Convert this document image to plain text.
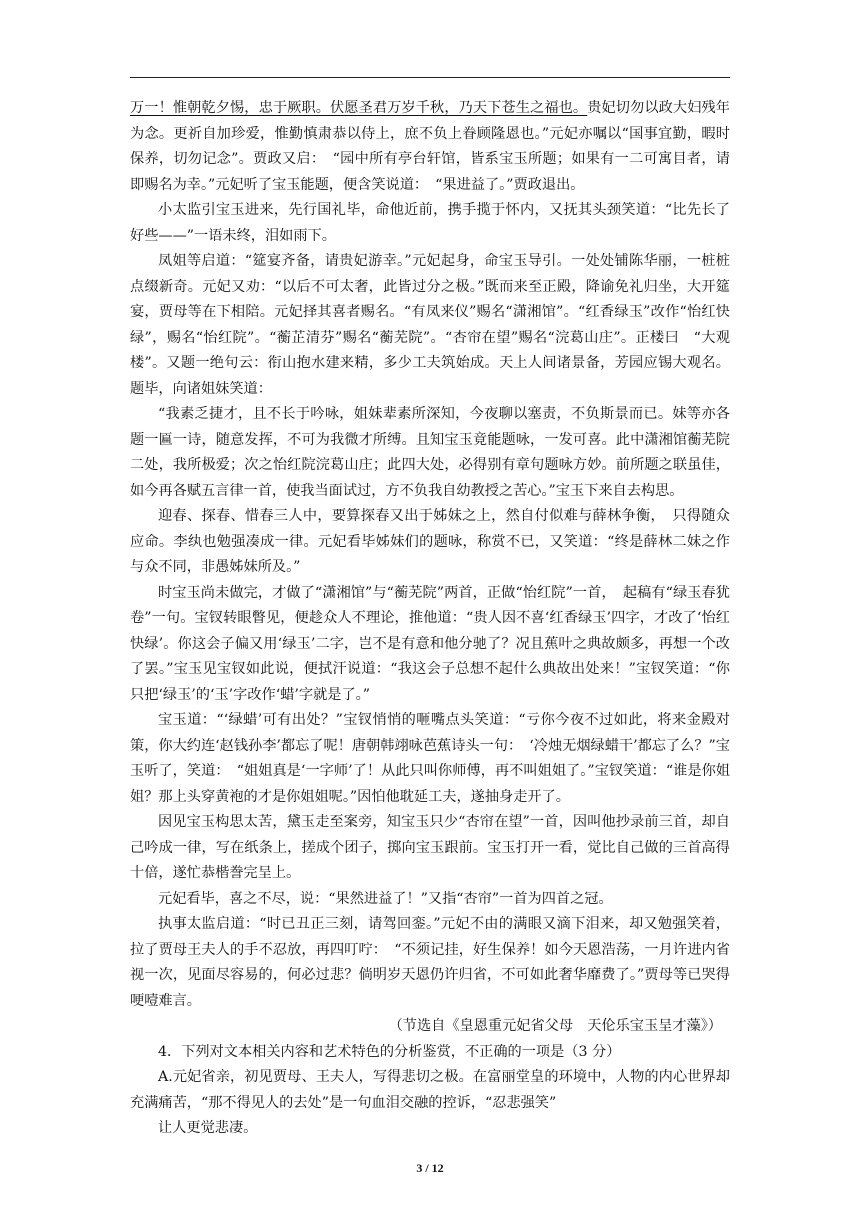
万一！惟朝乾夕惕，忠于厥职。伏愿圣君万岁千秋，乃天下苍生之福也。贵妃切勿以政大妇残年为念。更祈自加珍爱，惟勤慎肃恭以侍上，庶不负上眷顾隆恩也。”元妃亦嘱以“国事宜勤，暇时保养，切勿记念”。贾政又启：　“园中所有亭台轩馆，皆系宝玉所题；如果有一二可寓目者，请即赐名为幸。”元妃听了宝玉能题，便含笑说道：　“果进益了。”贾政退出。

小太监引宝玉进来，先行国礼毕，命他近前，携手揽于怀内，又抚其头颈笑道：“比先长了好些——”一语未终，泪如雨下。

凤姐等启道：“筵宴齐备，请贵妃游幸。”元妃起身，命宝玉导引。一处处铺陈华丽，一桩桩点缀新奇。元妃又劝：“以后不可太奢，此皆过分之极。”既而来至正殿，降谕免礼归坐，大开筵宴，贾母等在下相陪。元妃择其喜者赐名。“有凤来仪”赐名“潇湘馆”。“红香绿玉”改作“怡红快绿”，赐名“怡红院”。“蘅芷清芬”赐名“蘅芜院”。“杏帘在望”赐名“浣葛山庄”。正楼曰　“大观楼”。又题一绝句云：衔山抱水建来精，多少工夫筑始成。天上人间诸景备，芳园应锡大观名。题毕，向诸姐妹笑道：

“我素乏捷才，且不长于吟咏，姐妹辈素所深知，今夜聊以塞责，不负斯景而已。妹等亦各题一匾一诗，随意发挥，不可为我微才所缚。且知宝玉竟能题咏，一发可喜。此中潇湘馆蘅芜院二处，我所极爱；次之怡红院浣葛山庄；此四大处，必得别有章句题咏方妙。前所题之联虽佳，如今再各赋五言律一首，使我当面试过，方不负我自幼教授之苦心。”宝玉下来自去构思。

迎春、探春、惜春三人中，要算探春又出于姊妹之上，然自付似难与薛林争衡，　只得随众应命。李纨也勉强凑成一律。元妃看毕姊妹们的题咏，称赏不已，又笑道：“终是薛林二妹之作与众不同，非愚姊妹所及。”

时宝玉尚未做完，才做了“潇湘馆”与“蘅芜院”两首，正做“怡红院”一首，　起稿有“绿玉春犹卷”一句。宝钗转眼瞥见，便趁众人不理论，推他道：“贵人因不喜‘红香绿玉’四字，才改了‘怡红快绿’。你这会子偏又用‘绿玉’二字，岂不是有意和他分驰了？况且蕉叶之典故颇多，再想一个改了罢。”宝玉见宝钗如此说，便拭汗说道：“我这会子总想不起什么典故出处来！”宝钗笑道：“你只把‘绿玉’的‘玉’字改作‘蜡’字就是了。”

宝玉道：“‘绿蜡’可有出处？”宝钗悄悄的咂嘴点头笑道：“亏你今夜不过如此，将来金殿对策，你大约连‘赵钱孙李’都忘了呢！唐朝韩翊咏芭蕉诗头一句：　‘冷烛无烟绿蜡干’都忘了么？”宝玉听了，笑道：　“姐姐真是‘一字师’了！从此只叫你师傅，再不叫姐姐了。”宝钗笑道：“谁是你姐姐？那上头穿黄袍的才是你姐姐呢。”因怕他耽延工夫，遂抽身走开了。

因见宝玉构思太苦，黛玉走至案旁，知宝玉只少“杏帘在望”一首，因叫他抄录前三首，却自己吟成一律，写在纸条上，搓成个团子，掷向宝玉跟前。宝玉打开一看，觉比自己做的三首高得十倍，遂忙恭楷誊完呈上。

元妃看毕，喜之不尽，说：“果然进益了！”又指“杏帘”一首为四首之冠。

执事太监启道：“时已丑正三刻，请驾回銮。”元妃不由的满眼又滴下泪来，却又勉强笑着，拉了贾母王夫人的手不忍放，再四叮咛：　“不须记挂，好生保养！如今天恩浩荡，一月许进内省视一次，见面尽容易的，何必过悲？倘明岁天恩仍许归省，不可如此奢华靡费了。”贾母等已哭得哽噎难言。

（节选自《皇恩重元妃省父母　天伦乐宝玉呈才藻》）

4．下列对文本相关内容和艺术特色的分析鉴赏，不正确的一项是（3 分）

A.元妃省亲，初见贾母、王夫人，写得悲切之极。在富丽堂皇的环境中，人物的内心世界却充满痛苦，“那不得见人的去处”是一句血泪交融的控诉，“忍悲强笑”

让人更觉悲凄。

3 / 12
